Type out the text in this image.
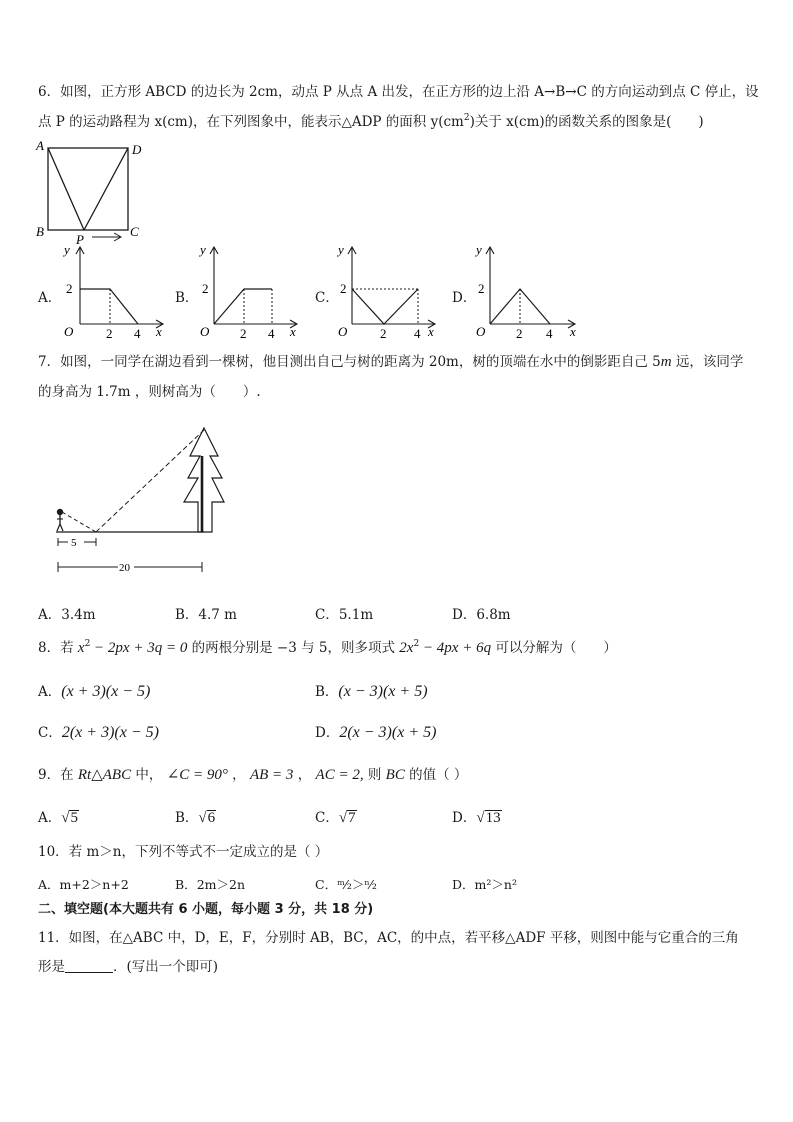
6．如图，正方形 ABCD 的边长为 2cm，动点 P 从点 A 出发，在正方形的边上沿 A→B→C 的方向运动到点 C 停止，设
点 P 的运动路程为 x(cm)，在下列图象中，能表示△ADP 的面积 $y(cm^2)$关于 x(cm)的函数关系的图象是(　　)
A	D
B	C
P
A．	B．	C．	D．
y
x
O
2
2 4
y
x
O
2
2 4
y
x
O
2
2 4
y
x
O
2
2 4
7．如图，一同学在湖边看到一棵树，他目测出自己与树的距离为 20m，树的顶端在水中的倒影距自己 5m 远，该同学
的身高为 1.7m ，则树高为（　　）.
5
20
A．3.4m	B．4.7 m	C．5.1m	D．6.8m
8．若 $x^2 - 2px + 3q = 0$ 的两根分别是 −3 与 5，则多项式 $2x^2 - 4px + 6q$ 可以分解为（　　）
A．(x + 3)(x − 5)	B．(x − 3)(x + 5)
C．2(x + 3)(x − 5)	D．2(x − 3)(x + 5)
9．在 Rt△ABC 中， ∠C = 90° ， AB = 3 ， AC = 2, 则 BC 的值（ ）
A．√5	B．√6	C．√7	D．√13
10．若 m＞n，下列不等式不一定成立的是（ ）
A．m+2＞n+2	B．2m＞2n	C．ᵐ⁄₂＞ⁿ⁄₂	D．m²＞n²
二、填空题(本大题共有 6 小题，每小题 3 分，共 18 分)
11．如图，在△ABC 中，D，E，F，分别时 AB，BC，AC，的中点，若平移△ADF 平移，则图中能与它重合的三角
形是	．(写出一个即可)
